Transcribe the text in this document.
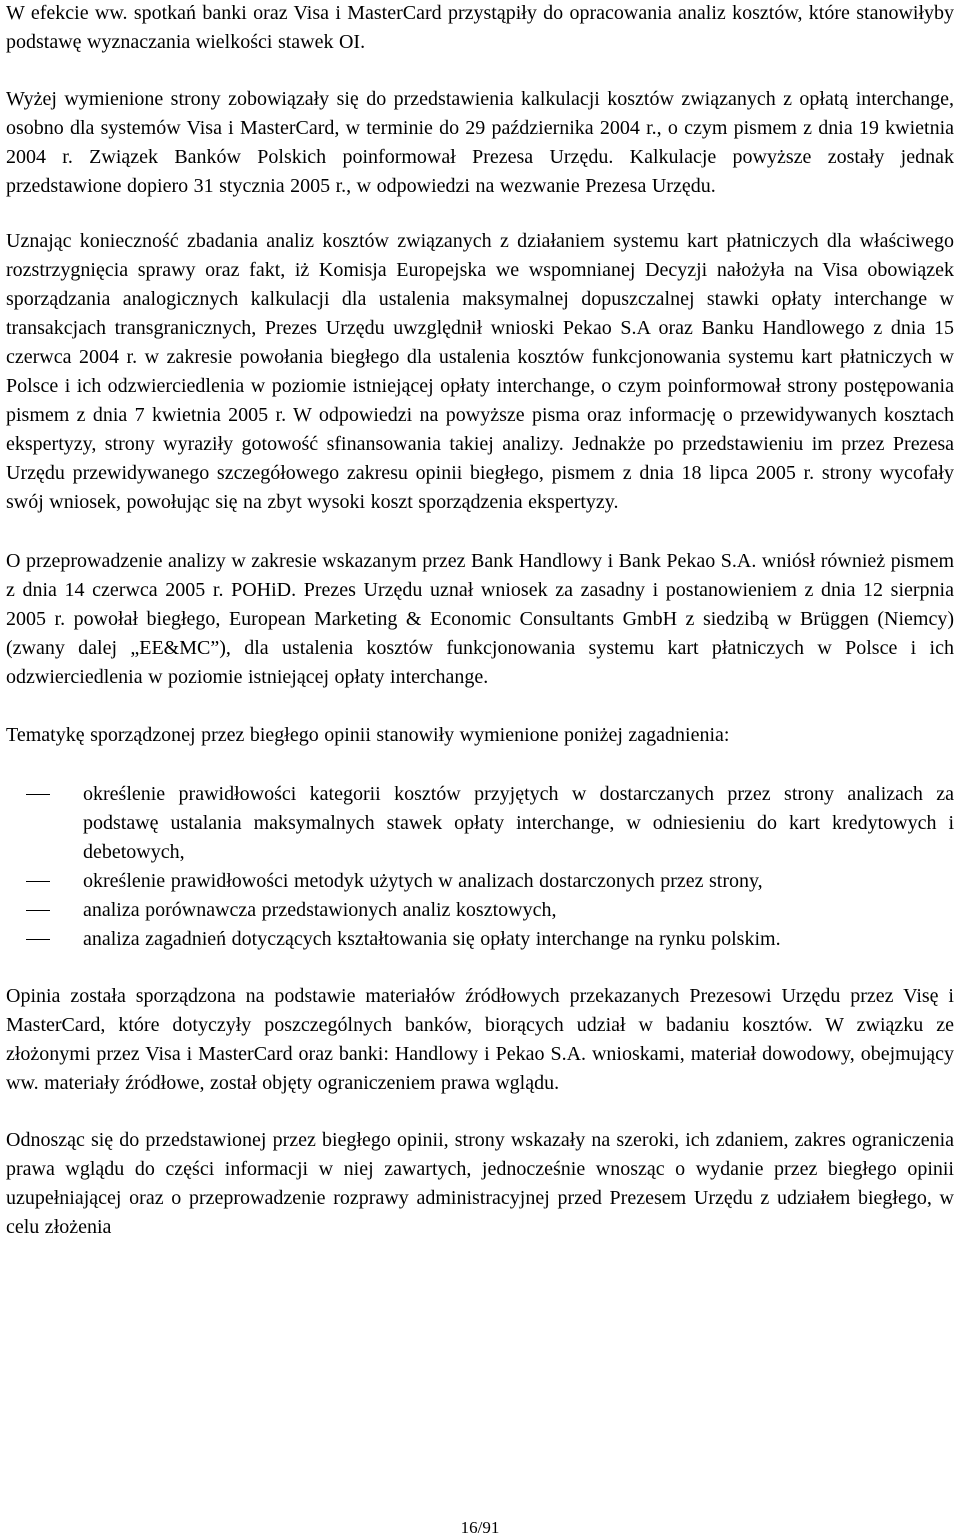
W efekcie ww. spotkań banki oraz Visa i MasterCard przystąpiły do opracowania analiz kosztów, które stanowiłyby podstawę wyznaczania wielkości stawek OI.

Wyżej wymienione strony zobowiązały się do przedstawienia kalkulacji kosztów związanych z opłatą interchange, osobno dla systemów Visa i MasterCard, w terminie do 29 października 2004 r., o czym pismem z dnia 19 kwietnia 2004 r. Związek Banków Polskich poinformował Prezesa Urzędu. Kalkulacje powyższe zostały jednak przedstawione dopiero 31 stycznia 2005 r., w odpowiedzi na wezwanie Prezesa Urzędu.

Uznając konieczność zbadania analiz kosztów związanych z działaniem systemu kart płatniczych dla właściwego rozstrzygnięcia sprawy oraz fakt, iż Komisja Europejska we wspomnianej Decyzji nałożyła na Visa obowiązek sporządzania analogicznych kalkulacji dla ustalenia maksymalnej dopuszczalnej stawki opłaty interchange w transakcjach transgranicznych, Prezes Urzędu uwzględnił wnioski Pekao S.A oraz Banku Handlowego z dnia 15 czerwca 2004 r. w zakresie powołania biegłego dla ustalenia kosztów funkcjonowania systemu kart płatniczych w Polsce i ich odzwierciedlenia w poziomie istniejącej opłaty interchange, o czym poinformował strony postępowania pismem z dnia 7 kwietnia 2005 r. W odpowiedzi na powyższe pisma oraz informację o przewidywanych kosztach ekspertyzy, strony wyraziły gotowość sfinansowania takiej analizy. Jednakże po przedstawieniu im przez Prezesa Urzędu przewidywanego szczegółowego zakresu opinii biegłego, pismem z dnia 18 lipca 2005 r. strony wycofały swój wniosek, powołując się na zbyt wysoki koszt sporządzenia ekspertyzy.

O przeprowadzenie analizy w zakresie wskazanym przez Bank Handlowy i Bank Pekao S.A. wniósł również pismem z dnia 14 czerwca 2005 r. POHiD. Prezes Urzędu uznał wniosek za zasadny i postanowieniem z dnia 12 sierpnia 2005 r. powołał biegłego, European Marketing & Economic Consultants GmbH z siedzibą w Brüggen (Niemcy) (zwany dalej „EE&MC”), dla ustalenia kosztów funkcjonowania systemu kart płatniczych w Polsce i ich odzwierciedlenia w poziomie istniejącej opłaty interchange.

Tematykę sporządzonej przez biegłego opinii stanowiły wymienione poniżej zagadnienia:

określenie prawidłowości kategorii kosztów przyjętych w dostarczanych przez strony analizach za podstawę ustalania maksymalnych stawek opłaty interchange, w odniesieniu do kart kredytowych i debetowych,
określenie prawidłowości metodyk użytych w analizach dostarczonych przez strony,
analiza porównawcza przedstawionych analiz kosztowych,
analiza zagadnień dotyczących kształtowania się opłaty interchange na rynku polskim.

Opinia została sporządzona na podstawie materiałów źródłowych przekazanych Prezesowi Urzędu przez Visę i MasterCard, które dotyczyły poszczególnych banków, biorących udział w badaniu kosztów. W związku ze złożonymi przez Visa i MasterCard oraz banki: Handlowy i Pekao S.A. wnioskami, materiał dowodowy, obejmujący ww. materiały źródłowe, został objęty ograniczeniem prawa wglądu.

Odnosząc się do przedstawionej przez biegłego opinii, strony wskazały na szeroki, ich zdaniem, zakres ograniczenia prawa wglądu do części informacji w niej zawartych, jednocześnie wnosząc o wydanie przez biegłego opinii uzupełniającej oraz o przeprowadzenie rozprawy administracyjnej przed Prezesem Urzędu z udziałem biegłego, w celu złożenia

16/91
